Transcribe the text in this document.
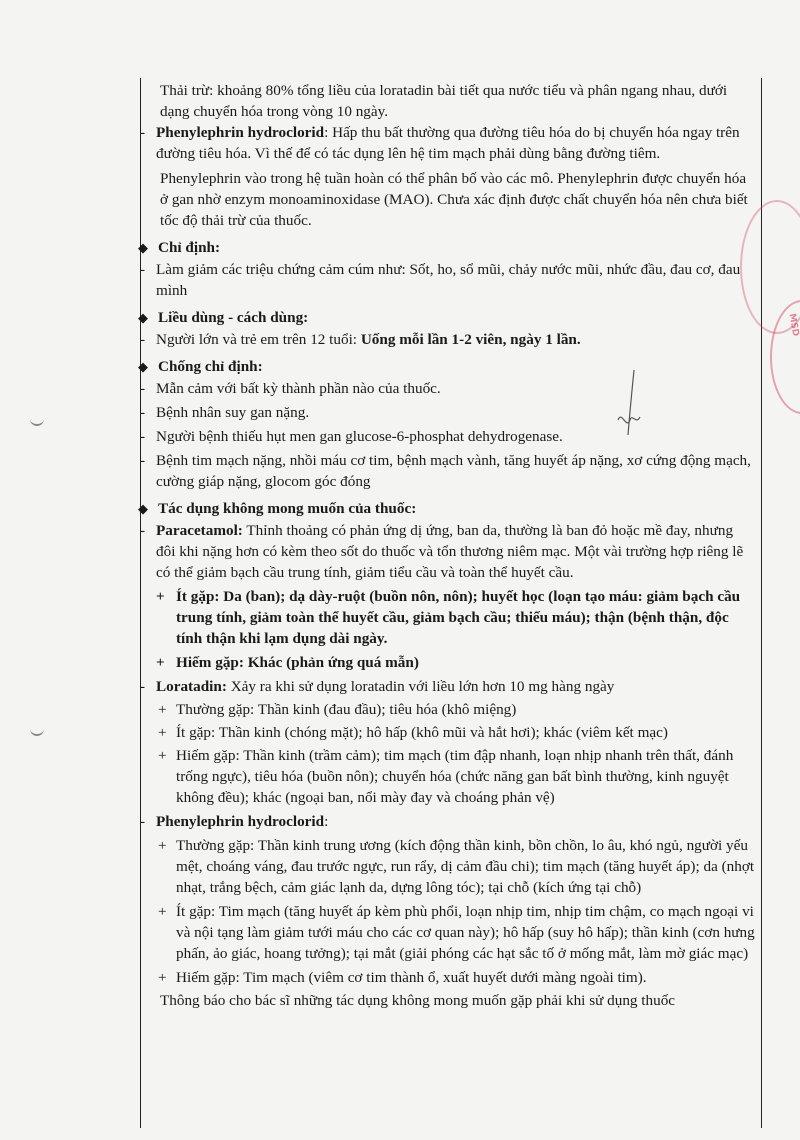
MSD

Thải trừ: khoảng 80% tổng liều của loratadin bài tiết qua nước tiểu và phân ngang nhau, dưới dạng chuyển hóa trong vòng 10 ngày.

- Phenylephrin hydroclorid: Hấp thu bất thường qua đường tiêu hóa do bị chuyển hóa ngay trên đường tiêu hóa. Vì thế để có tác dụng lên hệ tim mạch phải dùng bằng đường tiêm.

Phenylephrin vào trong hệ tuần hoàn có thể phân bố vào các mô. Phenylephrin được chuyển hóa ở gan nhờ enzym monoaminoxidase (MAO). Chưa xác định được chất chuyển hóa nên chưa biết tốc độ thải trừ của thuốc.

◆ Chỉ định:

- Làm giảm các triệu chứng cảm cúm như: Sốt, ho, sổ mũi, chảy nước mũi, nhức đầu, đau cơ, đau mình

◆ Liều dùng - cách dùng:

- Người lớn và trẻ em trên 12 tuổi: Uống mỗi lần 1-2 viên, ngày 1 lần.

◆ Chống chỉ định:

- Mẫn cảm với bất kỳ thành phần nào của thuốc.

- Bệnh nhân suy gan nặng.

- Người bệnh thiếu hụt men gan glucose-6-phosphat dehydrogenase.

- Bệnh tim mạch nặng, nhồi máu cơ tim, bệnh mạch vành, tăng huyết áp nặng, xơ cứng động mạch, cường giáp nặng, glocom góc đóng

◆ Tác dụng không mong muốn của thuốc:

- Paracetamol: Thỉnh thoảng có phản ứng dị ứng, ban da, thường là ban đỏ hoặc mề đay, nhưng đôi khi nặng hơn có kèm theo sốt do thuốc và tổn thương niêm mạc. Một vài trường hợp riêng lẽ có thể giảm bạch cầu trung tính, giảm tiểu cầu và toàn thể huyết cầu.

+ Ít gặp: Da (ban); dạ dày-ruột (buồn nôn, nôn); huyết học (loạn tạo máu: giảm bạch cầu trung tính, giảm toàn thể huyết cầu, giảm bạch cầu; thiếu máu); thận (bệnh thận, độc tính thận khi lạm dụng dài ngày.

+ Hiếm gặp: Khác (phản ứng quá mẫn)

- Loratadin: Xảy ra khi sử dụng loratadin với liều lớn hơn 10 mg hàng ngày

+ Thường gặp: Thần kinh (đau đầu); tiêu hóa (khô miệng)

+ Ít gặp: Thần kinh (chóng mặt); hô hấp (khô mũi và hắt hơi); khác (viêm kết mạc)

+ Hiếm gặp: Thần kinh (trầm cảm); tim mạch (tim đập nhanh, loạn nhịp nhanh trên thất, đánh trống ngực), tiêu hóa (buồn nôn); chuyển hóa (chức năng gan bất bình thường, kinh nguyệt không đều); khác (ngoại ban, nổi mày đay và choáng phản vệ)

- Phenylephrin hydroclorid:

+ Thường gặp: Thần kinh trung ương (kích động thần kinh, bồn chồn, lo âu, khó ngủ, người yếu mệt, choáng váng, đau trước ngực, run rẩy, dị cảm đầu chi); tim mạch (tăng huyết áp); da (nhợt nhạt, trắng bệch, cảm giác lạnh da, dựng lông tóc); tại chỗ (kích ứng tại chỗ)

+ Ít gặp: Tim mạch (tăng huyết áp kèm phù phổi, loạn nhịp tim, nhịp tim chậm, co mạch ngoại vi và nội tạng làm giảm tưới máu cho các cơ quan này); hô hấp (suy hô hấp); thần kinh (cơn hưng phấn, ảo giác, hoang tưởng); tại mắt (giải phóng các hạt sắc tố ở mống mắt, làm mờ giác mạc)

+ Hiếm gặp: Tim mạch (viêm cơ tim thành ổ, xuất huyết dưới màng ngoài tim).

Thông báo cho bác sĩ những tác dụng không mong muốn gặp phải khi sử dụng thuốc
